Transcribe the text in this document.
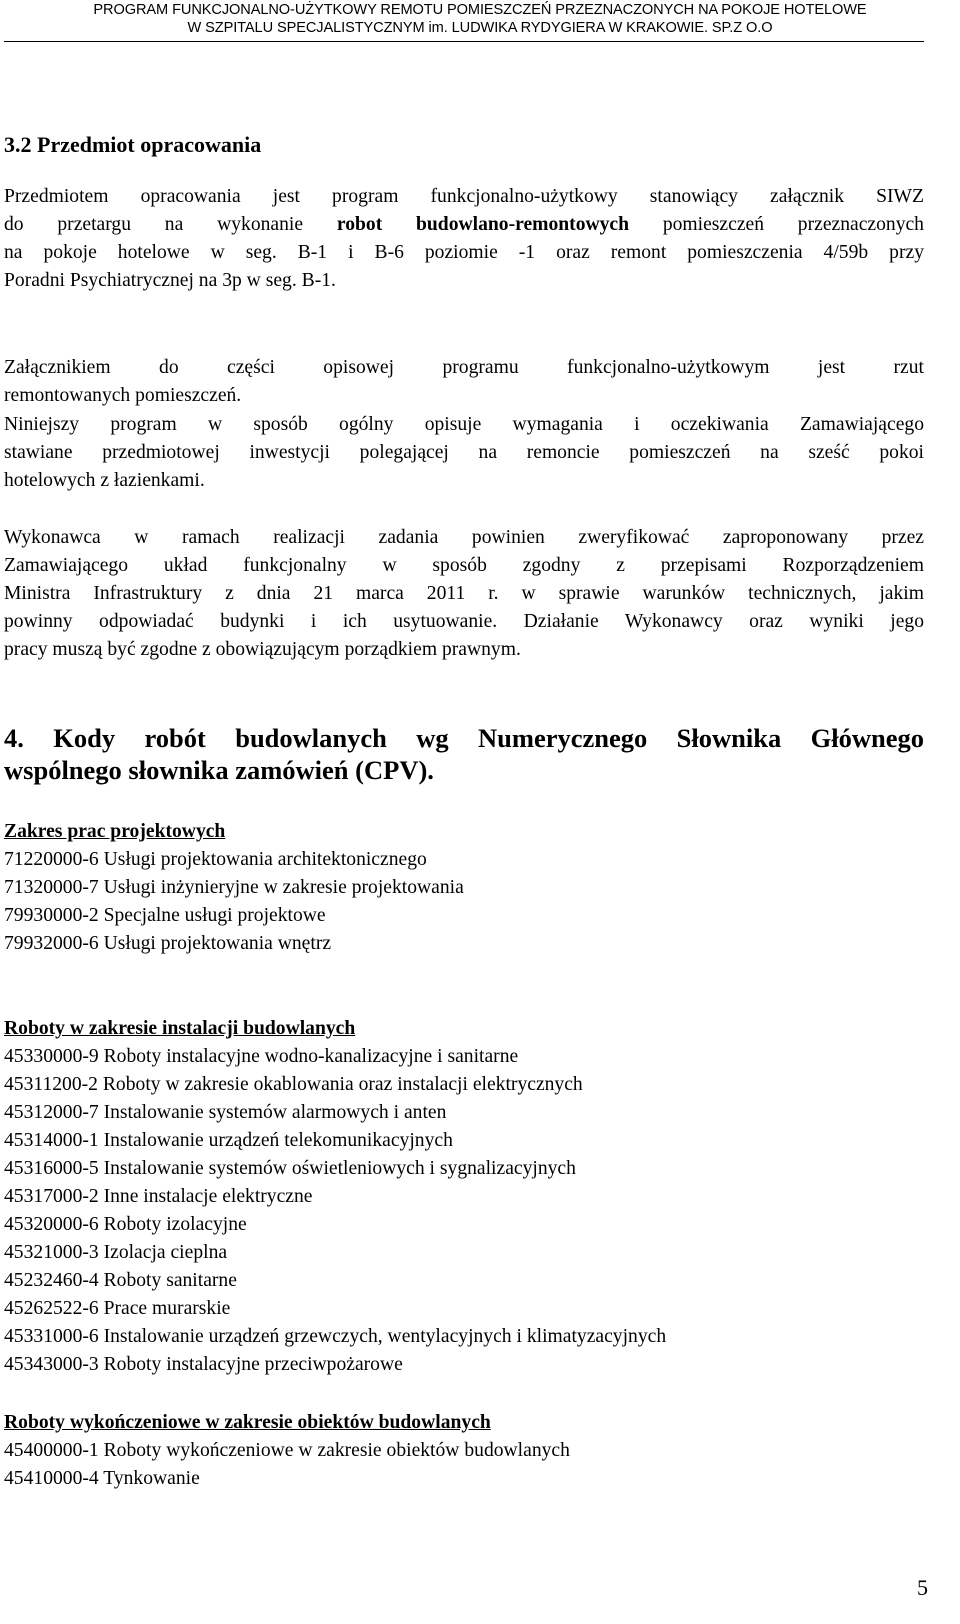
PROGRAM FUNKCJONALNO-UŻYTKOWY REMOTU POMIESZCZEŃ PRZEZNACZONYCH NA POKOJE HOTELOWE
W SZPITALU SPECJALISTYCZNYM im. LUDWIKA RYDYGIERA W KRAKOWIE. SP.Z O.O
3.2 Przedmiot opracowania
Przedmiotem opracowania jest program funkcjonalno-użytkowy stanowiący załącznik SIWZ
do przetargu na wykonanie robot budowlano-remontowych pomieszczeń przeznaczonych
na pokoje hotelowe w seg. B-1 i B-6 poziomie -1 oraz remont pomieszczenia 4/59b przy
Poradni Psychiatrycznej na 3p w seg. B-1.
Załącznikiem do części opisowej programu funkcjonalno-użytkowym jest rzut
remontowanych pomieszczeń.
Niniejszy program w sposób ogólny opisuje wymagania i oczekiwania Zamawiającego
stawiane przedmiotowej inwestycji polegającej na remoncie pomieszczeń na sześć pokoi
hotelowych z łazienkami.
Wykonawca w ramach realizacji zadania powinien zweryfikować zaproponowany przez
Zamawiającego układ funkcjonalny w sposób zgodny z przepisami Rozporządzeniem
Ministra Infrastruktury z dnia 21 marca 2011 r. w sprawie warunków technicznych, jakim
powinny odpowiadać budynki i ich usytuowanie. Działanie Wykonawcy oraz wyniki jego
pracy muszą być zgodne z obowiązującym porządkiem prawnym.
4. Kody robót budowlanych wg Numerycznego Słownika Głównego
wspólnego słownika zamówień (CPV).
Zakres prac projektowych
71220000-6 Usługi projektowania architektonicznego
71320000-7 Usługi inżynieryjne w zakresie projektowania
79930000-2 Specjalne usługi projektowe
79932000-6 Usługi projektowania wnętrz
Roboty w zakresie instalacji budowlanych
45330000-9 Roboty instalacyjne wodno-kanalizacyjne i sanitarne
45311200-2 Roboty w zakresie okablowania oraz instalacji elektrycznych
45312000-7 Instalowanie systemów alarmowych i anten
45314000-1 Instalowanie urządzeń telekomunikacyjnych
45316000-5 Instalowanie systemów oświetleniowych i sygnalizacyjnych
45317000-2 Inne instalacje elektryczne
45320000-6 Roboty izolacyjne
45321000-3 Izolacja cieplna
45232460-4 Roboty sanitarne
45262522-6 Prace murarskie
45331000-6 Instalowanie urządzeń grzewczych, wentylacyjnych i klimatyzacyjnych
45343000-3 Roboty instalacyjne przeciwpożarowe
Roboty wykończeniowe w zakresie obiektów budowlanych
45400000-1 Roboty wykończeniowe w zakresie obiektów budowlanych
45410000-4 Tynkowanie
5
